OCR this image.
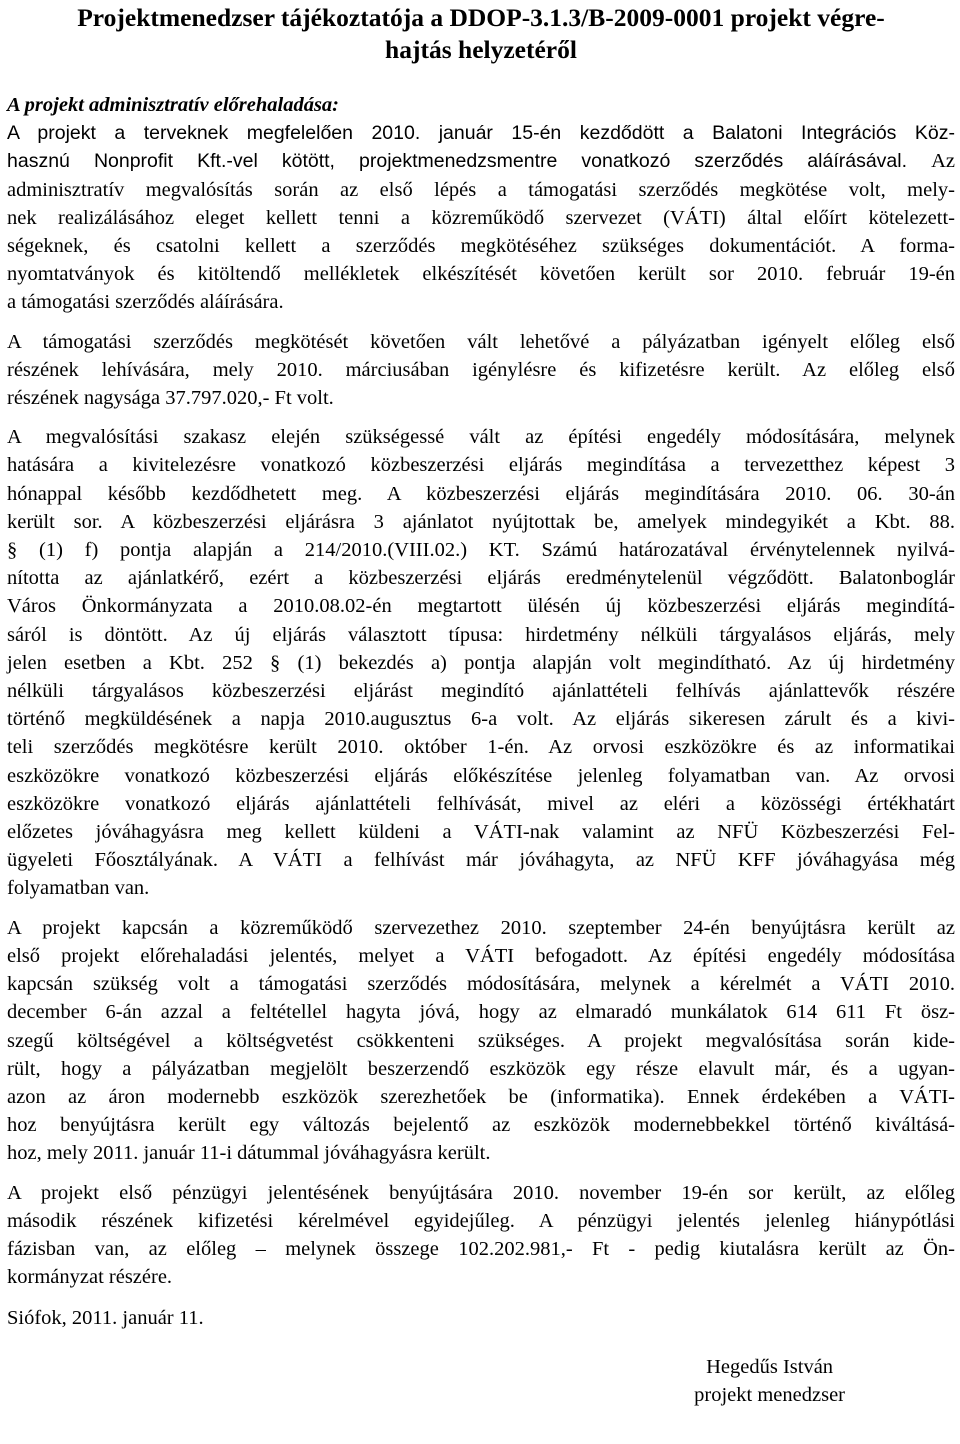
Projektmenedzser tájékoztatója a DDOP-3.1.3/B-2009-0001 projekt végre-
hajtás helyzetéről
A projekt adminisztratív előrehaladása:
A projekt a terveknek megfelelően 2010. január 15-én kezdődött a Balatoni Integrációs Köz-
hasznú Nonprofit Kft.-vel kötött, projektmenedzsmentre vonatkozó szerződés aláírásával. Az
adminisztratív megvalósítás során az első lépés a támogatási szerződés megkötése volt, mely-
nek realizálásához eleget kellett tenni a közreműködő szervezet (VÁTI) által előírt kötelezett-
ségeknek, és csatolni kellett a szerződés megkötéséhez szükséges dokumentációt. A forma-
nyomtatványok és kitöltendő mellékletek elkészítését követően került sor 2010. február 19-én
a támogatási szerződés aláírására.
A támogatási szerződés megkötését követően vált lehetővé a pályázatban igényelt előleg első
részének lehívására, mely 2010. márciusában igénylésre és kifizetésre került. Az előleg első
részének nagysága 37.797.020,- Ft volt.
A megvalósítási szakasz elején szükségessé vált az építési engedély módosítására, melynek
hatására a kivitelezésre vonatkozó közbeszerzési eljárás megindítása a tervezetthez képest 3
hónappal később kezdődhetett meg. A közbeszerzési eljárás megindítására 2010. 06. 30-án
került sor. A közbeszerzési eljárásra 3 ajánlatot nyújtottak be, amelyek mindegyikét a Kbt. 88.
§ (1) f) pontja alapján a 214/2010.(VIII.02.) KT. Számú határozatával érvénytelennek nyilvá-
nította az ajánlatkérő, ezért a közbeszerzési eljárás eredménytelenül végződött. Balatonboglár
Város Önkormányzata a 2010.08.02-én megtartott ülésén új közbeszerzési eljárás megindítá-
sáról is döntött. Az új eljárás választott típusa: hirdetmény nélküli tárgyalásos eljárás, mely
jelen esetben a Kbt. 252 § (1) bekezdés a) pontja alapján volt megindítható. Az új hirdetmény
nélküli tárgyalásos közbeszerzési eljárást megindító ajánlattételi felhívás ajánlattevők részére
történő megküldésének a napja 2010.augusztus 6-a volt. Az eljárás sikeresen zárult és a kivi-
teli szerződés megkötésre került 2010. október 1-én. Az orvosi eszközökre és az informatikai
eszközökre vonatkozó közbeszerzési eljárás előkészítése jelenleg folyamatban van. Az orvosi
eszközökre vonatkozó eljárás ajánlattételi felhívását, mivel az eléri a közösségi értékhatárt
előzetes jóváhagyásra meg kellett küldeni a VÁTI-nak valamint az NFÜ Közbeszerzési Fel-
ügyeleti Főosztályának. A VÁTI a felhívást már jóváhagyta, az NFÜ KFF jóváhagyása még
folyamatban van.
A projekt kapcsán a közreműködő szervezethez 2010. szeptember 24-én benyújtásra került az
első projekt előrehaladási jelentés, melyet a VÁTI befogadott. Az építési engedély módosítása
kapcsán szükség volt a támogatási szerződés módosítására, melynek a kérelmét a VÁTI 2010.
december 6-án azzal a feltétellel hagyta jóvá, hogy az elmaradó munkálatok 614 611 Ft ösz-
szegű költségével a költségvetést csökkenteni szükséges. A projekt megvalósítása során kide-
rült, hogy a pályázatban megjelölt beszerzendő eszközök egy része elavult már, és a ugyan-
azon az áron modernebb eszközök szerezhetőek be (informatika). Ennek érdekében a VÁTI-
hoz benyújtásra került egy változás bejelentő az eszközök modernebbekkel történő kiváltásá-
hoz, mely 2011. január 11-i dátummal jóváhagyásra került.
A projekt első pénzügyi jelentésének benyújtására 2010. november 19-én sor került, az előleg
második részének kifizetési kérelmével egyidejűleg. A pénzügyi jelentés jelenleg hiánypótlási
fázisban van, az előleg – melynek összege 102.202.981,- Ft - pedig kiutalásra került az Ön-
kormányzat részére.
Siófok, 2011. január 11.
Hegedűs István
projekt menedzser
